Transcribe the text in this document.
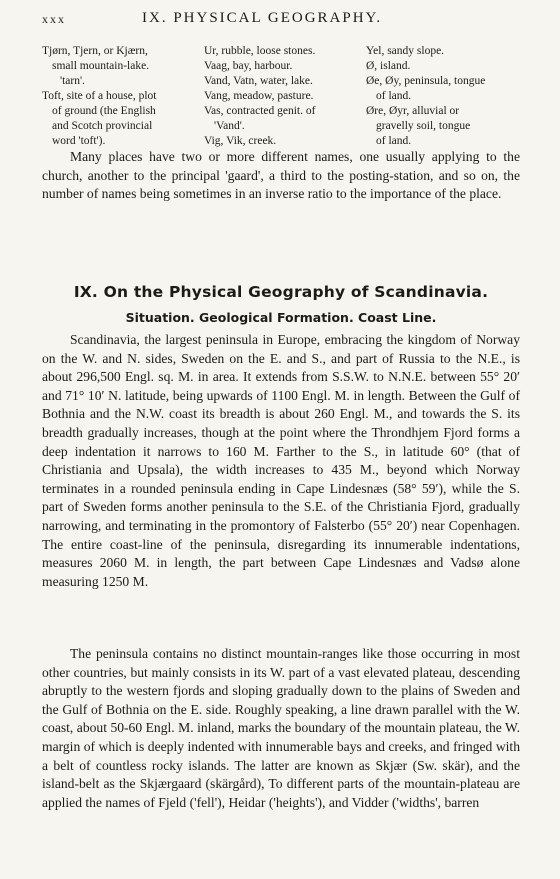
xxx	IX. PHYSICAL GEOGRAPHY.
Tjørn, Tjern, or Kjærn,
small mountain-lake.
'tarn'.
Toft, site of a house, plot
of ground (the English
and Scotch provincial
word 'toft').
Ur, rubble, loose stones.
Vaag, bay, harbour.
Vand, Vatn, water, lake.
Vang, meadow, pasture.
Vas, contracted genit. of
'Vand'.
Vig, Vik, creek.
Yel, sandy slope.
Ø, island.
Øe, Øy, peninsula, tongue
of land.
Øre, Øyr, alluvial or
gravelly soil, tongue
of land.

Many places have two or more different names, one usually applying to the church, another to the principal 'gaard', a third to the posting-station, and so on, the number of names being sometimes in an inverse ratio to the importance of the place.

IX. On the Physical Geography of Scandinavia.
Situation. Geological Formation. Coast Line.

Scandinavia, the largest peninsula in Europe, embracing the kingdom of Norway on the W. and N. sides, Sweden on the E. and S., and part of Russia to the N.E., is about 296,500 Engl. sq. M. in area. It extends from S.S.W. to N.N.E. between 55° 20′ and 71° 10′ N. latitude, being upwards of 1100 Engl. M. in length. Between the Gulf of Bothnia and the N.W. coast its breadth is about 260 Engl. M., and towards the S. its breadth gradually increases, though at the point where the Throndhjem Fjord forms a deep indentation it narrows to 160 M. Farther to the S., in latitude 60° (that of Christiania and Upsala), the width increases to 435 M., beyond which Norway terminates in a rounded peninsula ending in Cape Lindesnæs (58° 59′), while the S. part of Sweden forms another peninsula to the S.E. of the Christiania Fjord, gradually narrowing, and terminating in the promontory of Falsterbo (55° 20′) near Copenhagen. The entire coast-line of the peninsula, disregarding its innumerable indentations, measures 2060 M. in length, the part between Cape Lindesnæs and Vadsø alone measuring 1250 M.

The peninsula contains no distinct mountain-ranges like those occurring in most other countries, but mainly consists in its W. part of a vast elevated plateau, descending abruptly to the western fjords and sloping gradually down to the plains of Sweden and the Gulf of Bothnia on the E. side. Roughly speaking, a line drawn parallel with the W. coast, about 50-60 Engl. M. inland, marks the boundary of the mountain plateau, the W. margin of which is deeply indented with innumerable bays and creeks, and fringed with a belt of countless rocky islands. The latter are known as Skjær (Sw. skär), and the island-belt as the Skjærgaard (skärgård), To different parts of the mountain-plateau are applied the names of Fjeld ('fell'), Heidar ('heights'), and Vidder ('widths', barren
